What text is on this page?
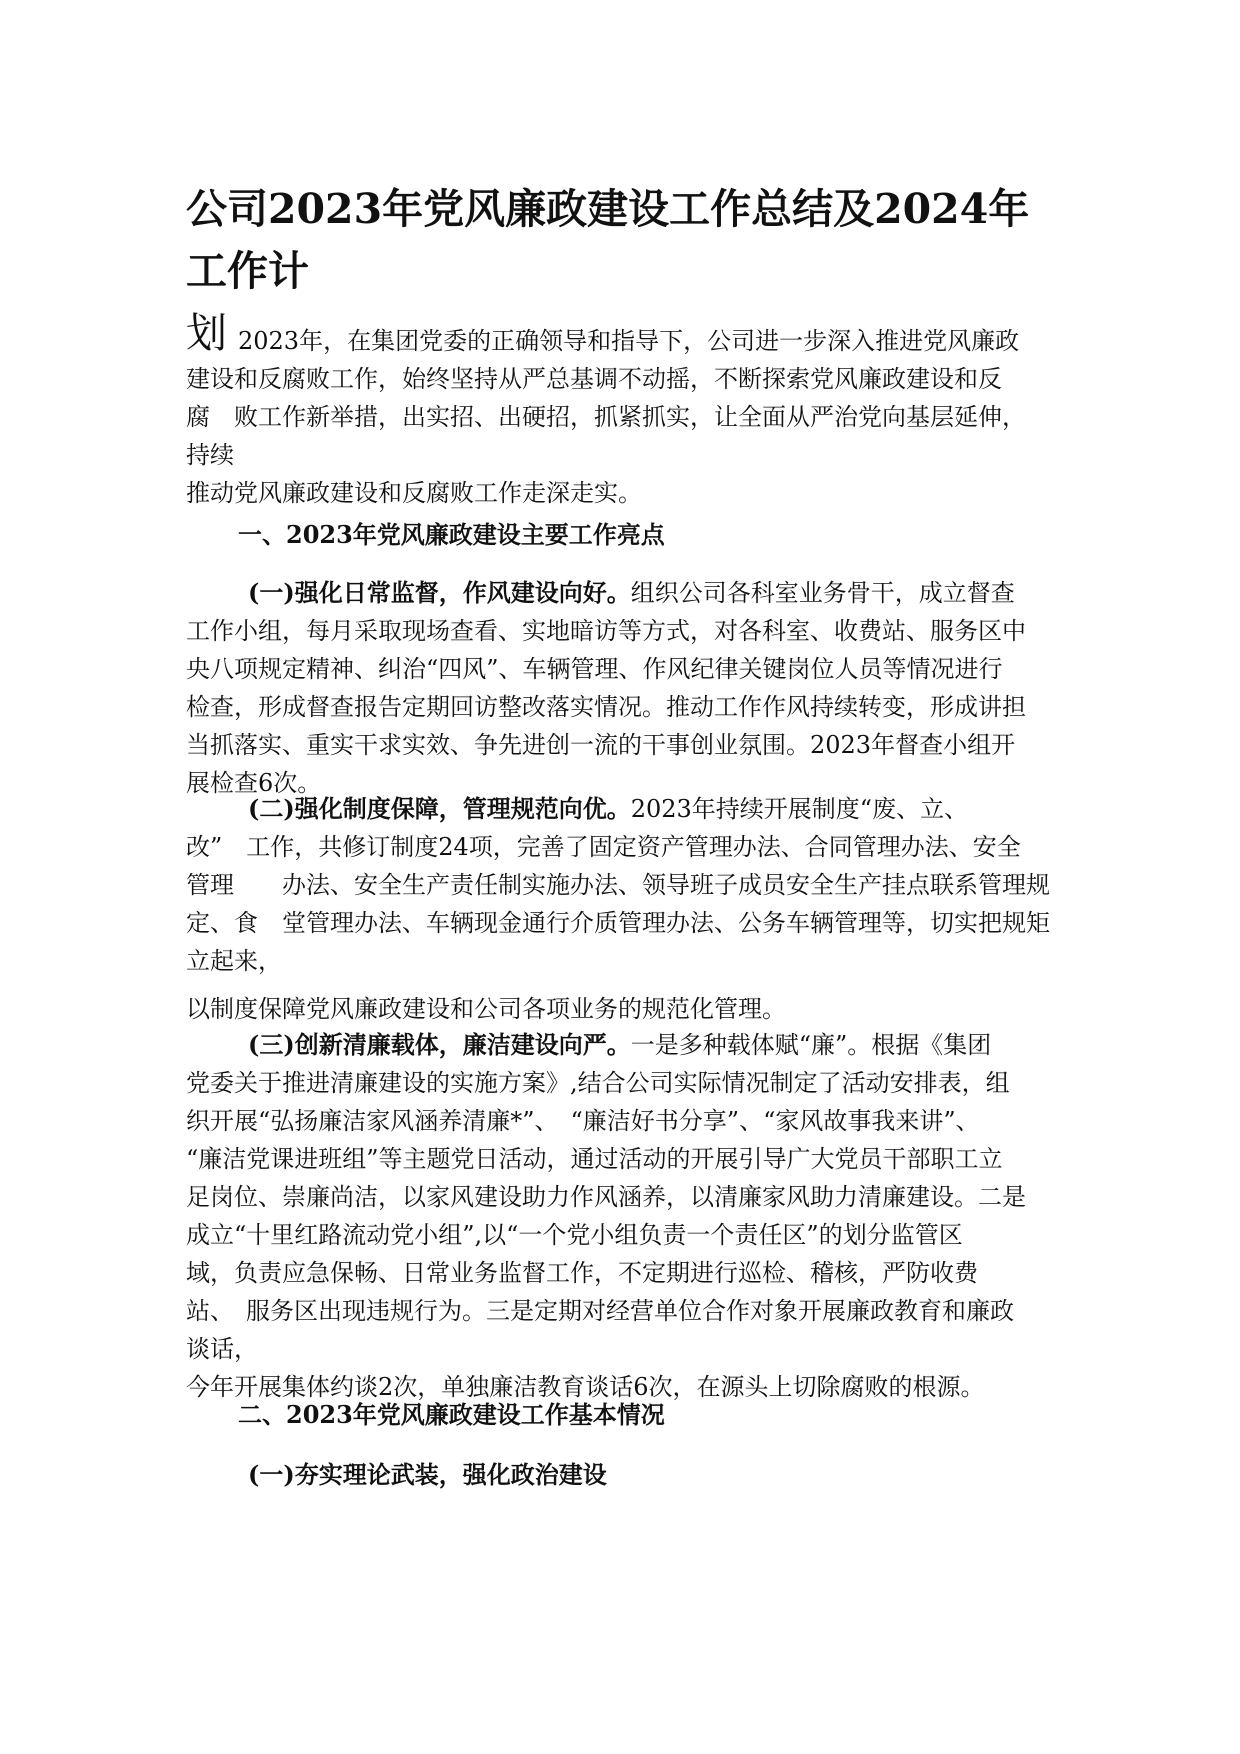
公司2023年党风廉政建设工作总结及2024年工作计
划 2023年，在集团党委的正确领导和指导下，公司进一步深入推进党风廉政
建设和反腐败工作，始终坚持从严总基调不动摇，不断探索党风廉政建设和反
腐　败工作新举措，出实招、出硬招，抓紧抓实，让全面从严治党向基层延伸，
持续
推动党风廉政建设和反腐败工作走深走实。
一、2023年党风廉政建设主要工作亮点
(一)强化日常监督，作风建设向好。组织公司各科室业务骨干，成立督查
工作小组，每月采取现场查看、实地暗访等方式，对各科室、收费站、服务区中
央八项规定精神、纠治“四风”、车辆管理、作风纪律关键岗位人员等情况进行
检查，形成督查报告定期回访整改落实情况。推动工作作风持续转变，形成讲担
当抓落实、重实干求实效、争先进创一流的干事创业氛围。2023年督查小组开
展检查6次。
(二)强化制度保障，管理规范向优。2023年持续开展制度“废、立、
改”　工作，共修订制度24项，完善了固定资产管理办法、合同管理办法、安全
管理　　办法、安全生产责任制实施办法、领导班子成员安全生产挂点联系管理规
定、食　堂管理办法、车辆现金通行介质管理办法、公务车辆管理等，切实把规矩
立起来，
以制度保障党风廉政建设和公司各项业务的规范化管理。
(三)创新清廉载体，廉洁建设向严。一是多种载体赋“廉”。根据《集团
党委关于推进清廉建设的实施方案》,结合公司实际情况制定了活动安排表，组
织开展“弘扬廉洁家风涵养清廉*”、　“廉洁好书分享”、“家风故事我来讲”、
“廉洁党课进班组”等主题党日活动，通过活动的开展引导广大党员干部职工立
足岗位、崇廉尚洁，以家风建设助力作风涵养，以清廉家风助力清廉建设。二是
成立“十里红路流动党小组”,以“一个党小组负责一个责任区”的划分监管区
域，负责应急保畅、日常业务监督工作，不定期进行巡检、稽核，严防收费
站、　服务区出现违规行为。三是定期对经营单位合作对象开展廉政教育和廉政
谈话，
今年开展集体约谈2次，单独廉洁教育谈话6次，在源头上切除腐败的根源。
二、2023年党风廉政建设工作基本情况
(一)夯实理论武装，强化政治建设
